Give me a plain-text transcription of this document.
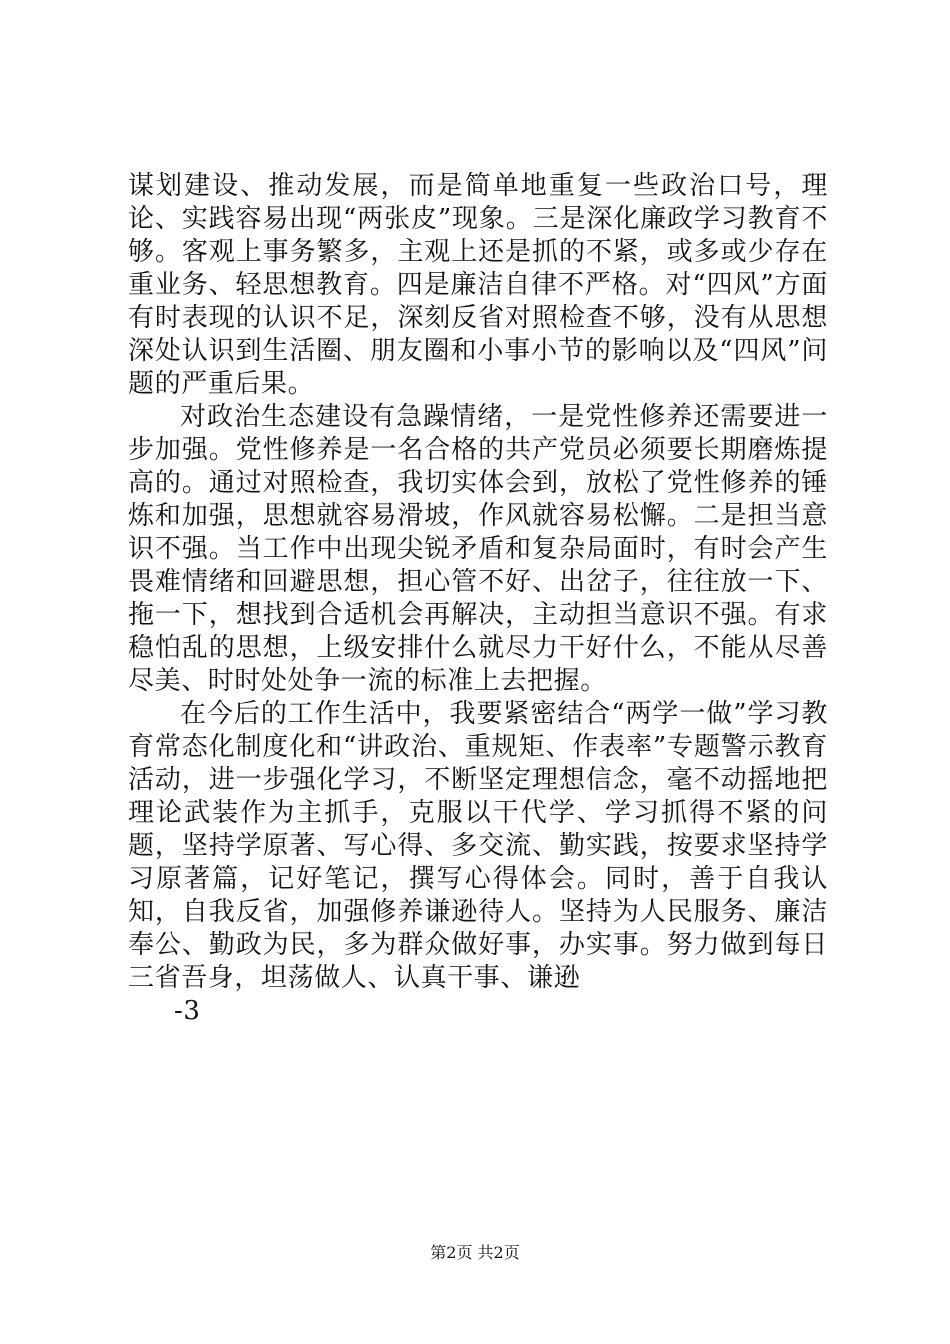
谋划建设、推动发展，而是简单地重复一些政治口号，理论、实践容易出现“两张皮”现象。三是深化廉政学习教育不够。客观上事务繁多，主观上还是抓的不紧，或多或少存在重业务、轻思想教育。四是廉洁自律不严格。对“四风”方面有时表现的认识不足，深刻反省对照检查不够，没有从思想深处认识到生活圈、朋友圈和小事小节的影响以及“四风”问题的严重后果。

对政治生态建设有急躁情绪，一是党性修养还需要进一步加强。党性修养是一名合格的共产党员必须要长期磨炼提高的。通过对照检查，我切实体会到，放松了党性修养的锤炼和加强，思想就容易滑坡，作风就容易松懈。二是担当意识不强。当工作中出现尖锐矛盾和复杂局面时，有时会产生畏难情绪和回避思想，担心管不好、出岔子，往往放一下、拖一下，想找到合适机会再解决，主动担当意识不强。有求稳怕乱的思想，上级安排什么就尽力干好什么，不能从尽善尽美、时时处处争一流的标准上去把握。

在今后的工作生活中，我要紧密结合“两学一做”学习教育常态化制度化和“讲政治、重规矩、作表率”专题警示教育活动，进一步强化学习，不断坚定理想信念，毫不动摇地把理论武装作为主抓手，克服以干代学、学习抓得不紧的问题，坚持学原著、写心得、多交流、勤实践，按要求坚持学习原著篇，记好笔记，撰写心得体会。同时，善于自我认知，自我反省，加强修养谦逊待人。坚持为人民服务、廉洁奉公、勤政为民，多为群众做好事，办实事。努力做到每日三省吾身，坦荡做人、认真干事、谦逊

-3

第2页 共2页
